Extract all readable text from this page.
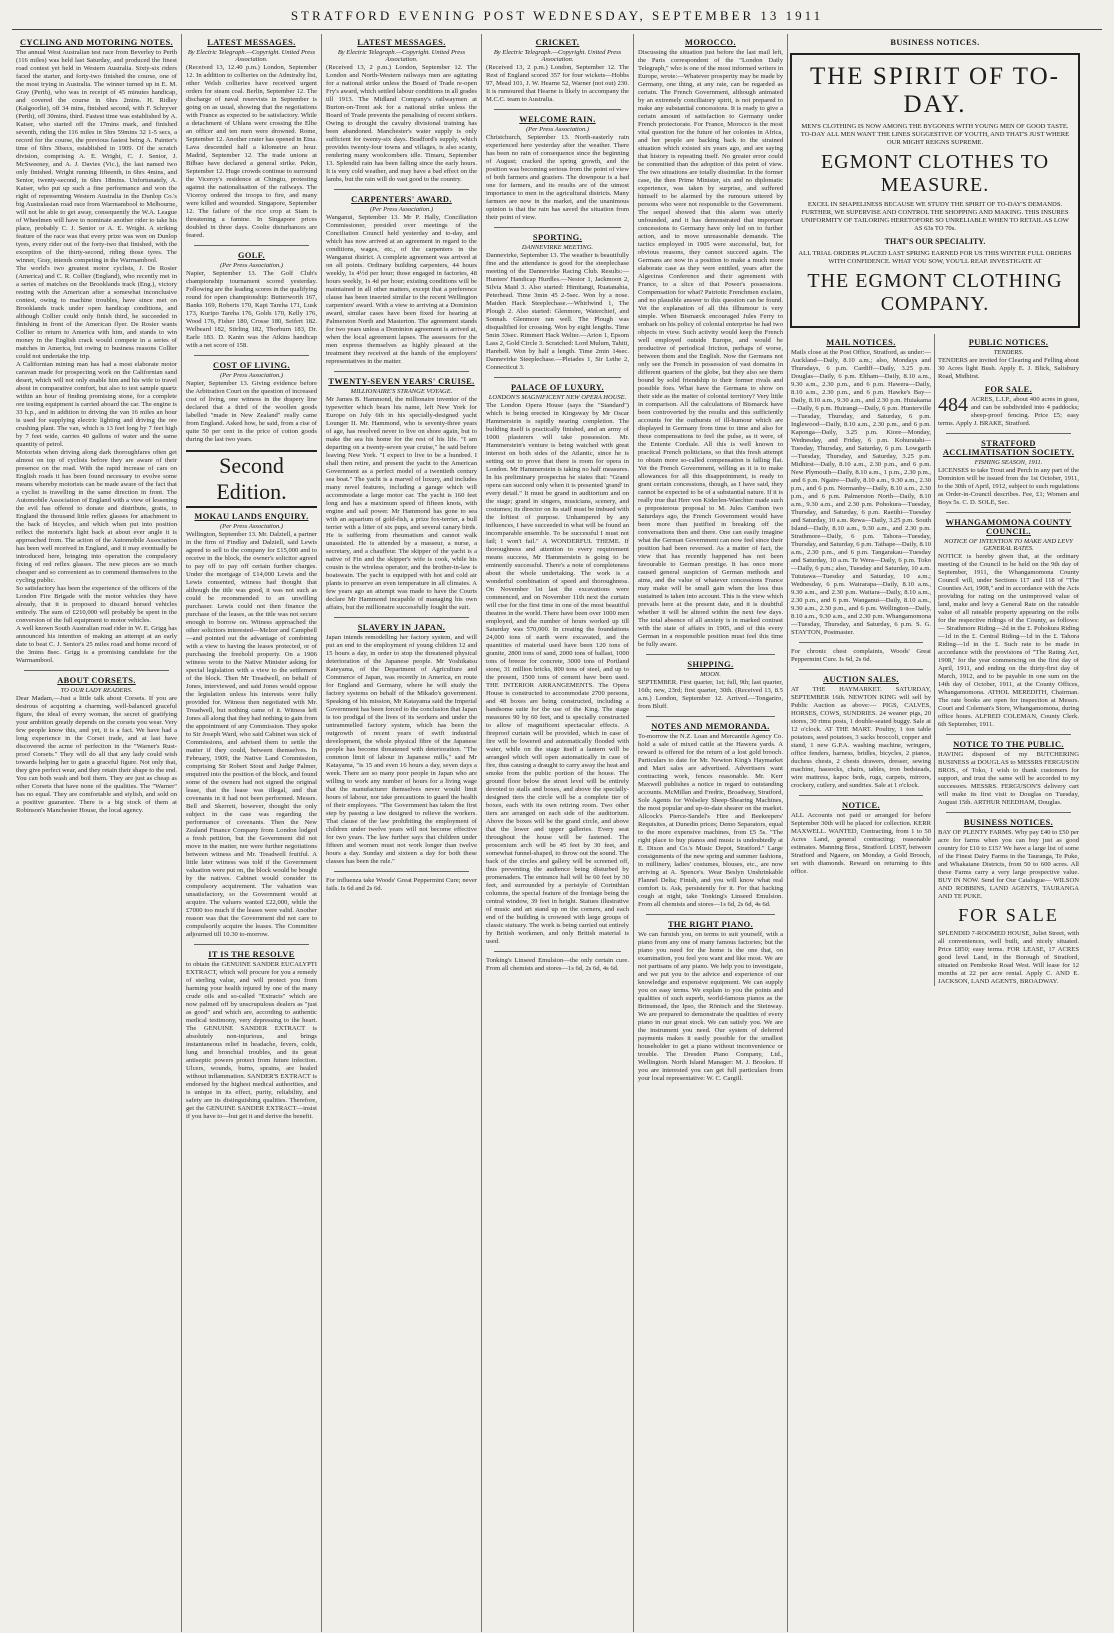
STRATFORD EVENING POST WEDNESDAY, SEPTEMBER 13 1911
CYCLING AND MOTORING NOTES.

The annual West Australian test race from Beverley to Perth (116 miles) was held last Saturday, and produced the finest road contest yet held in Western Australia. Sixty-six riders faced the starter, and forty-two finished the course, one of the most trying in Australia. The winner turned up in E. M. Gray (Perth), who was in receipt of 45 minutes handicap, and covered the course in 6hrs 2mins. H. Ridley (Kalgoorlie), off 34 mins, finished second, with F. Schryver (Perth), off 30mins, third. Fastest time was established by A. Kaiser, who started off the 17mins mark, and finished seventh, riding the 116 miles in 5hrs 59mins 32 1-5 secs, a record for the course, the previous fastest being A. Painter's time of 6hrs 30secs, established in 1909. Of the scratch division, comprising A. E. Wright, C. J. Senior, J. McSweeney, and A. J. Davies (Vic.), the last named two only finished. Wright running fifteenth, in 6hrs 4mins, and Senior, twenty-second, in 6hrs 18mins. Unfortunately, A. Kaiser, who put up such a fine performance and won the right of representing Western Australia in the Dunlop Co.'s big Australasian road race from Warrnambool to Melbourne, will not be able to get away, consequently the W.A. League of Wheelmen will have to nominate another rider to take his place, probably C. J. Senior or A. E. Wright. A striking feature of the race was that every prize was won on Dunlop tyres, every rider out of the forty-two that finished, with the exception of the thirty-second, riding those tyres. The winner, Gray, intends competing in the Warrnambool.

The world's two greatest motor cyclists, J. De Rosier (America) and C. R. Collier (England), who recently met in a series of matches on the Brooklands track (Eng.), victory resting with the American after a somewhat inconclusive contest, owing to machine troubles, have since met on Brooklands track under open handicap conditions, and although Collier could only finish third, he succeeded in finishing in front of the American flyer. De Rosier wants Collier to return to America with him, and stands to win money in the English crack would compete in a series of matches in America, but owing to business reasons Collier could not undertake the trip.

A Californian mining man has had a most elaborate motor caravan made for prospecting work on the Californian sand desert, which will not only enable him and his wife to travel about in comparative comfort, but also to test sample quartz within an hour of finding promising stone, for a complete ore testing equipment is carried aboard the car. The engine is 33 h.p., and in addition to driving the van 16 miles an hour is used for supplying electric lighting and driving the ore crushing plant. The van, which is 13 feet long by 7 feet high by 7 feet wide, carries 40 gallons of water and the same quantity of petrol.

Motorists when driving along dark thoroughfares often get almost on top of cyclists before they are aware of their presence on the road. With the rapid increase of cars on English roads it has been found necessary to evolve some means whereby motorists can be made aware of the fact that a cyclist is travelling in the same direction in front. The Automobile Association of England with a view of lessening the evil has offered to donate and distribute, gratis, to England the thousand little reflex glasses for attachment to the back of bicycles, and which when put into position reflect the motorist's light back at about ever angle it is approached from. The action of the Automobile Association has been well received in England, and it may eventually be introduced here, bringing into operation the compulsory fixing of red reflex glasses. The new pieces are so much cheaper and so convenient as to commend themselves to the cycling public.

So satisfactory has been the experience of the officers of the London Fire Brigade with the motor vehicles they have already, that it is proposed to discard horsed vehicles entirely. The sum of £210,000 will probably be spent in the conversion of the full equipment to motor vehicles.

A well known South Australian road rider in W. E. Grigg has announced his intention of making an attempt at an early date to beat C. J. Senior's 25 miles road and home record of the 3mins 8sec. Grigg is a promising candidate for the Warrnambool.

ABOUT CORSETS.
TO OUR LADY READERS.

Dear Madam,—Just a little talk about Corsets. If you are desirous of acquiring a charming, well-balanced graceful figure, the ideal of every woman, the secret of gratifying your ambition greatly depends on the corsets you wear. Very few people know this, and yet, it is a fact. We have had a long experience in the Corset trade, and at last have discovered the acme of perfection in the "Warner's Rust-proof Corsets." They will do all that any lady could wish towards helping her to gain a graceful figure. Not only that, they give perfect wear, and they retain their shape to the end. You can both wash and boil them. They are just as cheap as other Corsets that have none of the qualities. The "Warner" has no equal. They are comfortable and stylish, and sold on a positive guarantee. There is a big stock of them at Robinson's Manchester House, the local agency.

LATEST MESSAGES.
By Electric Telegraph.—Copyright. United Press Association.

(Received 13, 12.40 p.m.) London, September 12. In addition to collieries on the Admiralty list, other Welsh collieries have received urgent orders for steam coal. Berlin, September 12. The discharge of naval reservists in September is going on as usual, showing that the negotiations with France as expected to be satisfactory. While a detachment of Uhlans were crossing the Elbe an officer and ten men were drowned. Rome, September 12. Another crater has opened in Etna. Lava descended half a kilometre an hour. Madrid, September 12. The trade unions at Bilbao have declared a general strike. Pekin, September 12. Huge crowds continue to surround the Viceroy's residence at Chingtu, protesting against the nationalisation of the railways. The Viceroy ordered the troops to fire, and many were killed and wounded. Singapore, September 12. The failure of the rice crop at Siam is threatening a famine. In Singapore prices doubled in three days. Coolie disturbances are feared.

GOLF.
(Per Press Association.)

Napier, September 13. The Golf Club's championship tournament scored yesterday. Following are the leading scores in the qualifying round for open championship: Butterworth 167, Banks 169, Roberts 170, Kapi Tareha 171, Lusk 173, Kuripo Tareha 176, Golds 170, Kelly 176, Wood 176, Fisher 180, Crosse 180, Seifert 182. Welbeard 182, Stirling 182, Thorburn 183, Dr. Earle 183. D. Kanin was the Atkins handicap with a net score of 158.

COST OF LIVING.
(Per Press Association.)

Napier, September 13. Giving evidence before the Arbitration Court on the question of increased cost of living, one witness in the drapery line declared that a third of the woollen goods labelled "made in New Zealand" really came from England. Asked how, he said, from a rise of quite 50 per cent in the price of cotton goods during the last two years.

Second Edition.
MOKAU LANDS ENQUIRY.
(Per Press Association.)

Wellington, September 13. Mr. Dalziell, a partner in the firm of Findlay and Dalziell, said Lewis agreed to sell to the company for £15,000 and to receive in the block, the owner's solicitor agreed to pay off to pay off certain further charges. Under the mortgage of £14,000 Lewis and the Lewis consented, witness had thought that although the title was good, it was not such as could be recommended to an unwilling purchaser. Lewis could not then finance the purchase of the leases, as the title was not secure enough to borrow on. Witness approached the other solicitors interested—Melzer and Campbell—and pointed out the advantage of combining with a view to having the leases protected, or of purchasing the freehold property. On a 1906 witness wrote to the Native Minister asking for special legislation with a view to the settlement of the block. Then Mr Treadwell, on behalf of Jones, interviewed, and said Jones would oppose the legislation unless his interests were fully provided for. Witness then negotiated with Mr. Treadwell, but nothing came of it. Witness left Jones all along that they had nothing to gain from the appointment of any Commission. They spoke to Sir Joseph Ward, who said Cabinet was sick of Commissions, and advised them to settle the matter if they could, between themselves. In February, 1909, the Native Land Commission, comprising Sir Robert Stout and Judge Palmer, enquired into the position of the block, and found some of the owners had not signed the original lease, that the lease was illegal, and that covenants in it had not been performed. Messrs. Bell and Skerrett, however, thought the only subject in the case was regarding the performance of covenants. Then the New Zealand Finance Company from London lodged a fresh petition, but the Government did not move in the matter, nor were further negotiations between witness and Mr. Treadwell fruitful. A little later witness was told if the Government valuation were put on, the block would be bought by the natives. Cabinet would consider its compulsory acquirement. The valuation was unsatisfactory, so the Government would at acquire. The valuers wanted £22,000, while the £7000 too much if the leases were valid. Another reason was that the Government did not care to compulsorily acquire the leases. The Committee adjourned till 10.30 to-morrow.

IT IS THE RESOLVE

to obtain the GENUINE SANDER EUCALYPTI EXTRACT, which will procure for you a remedy of sterling value, and will protect you from harming your health injured by one of the many crude oils and so-called "Extracts" which are now palmed off by unscrupulous dealers as "just as good" and which are, according to authentic medical testimony, very depressing to the heart. The GENUINE SANDER EXTRACT is absolutely non-injurious, and brings instantaneous relief in headache, fevers, colds, lung and bronchial troubles, and its great antiseptic powers protect from future infection. Ulcers, wounds, burns, sprains, are healed without inflammation. SANDER'S EXTRACT is endorsed by the highest medical authorities, and is unique in its effect, purity, reliability, and safety are its distinguishing qualities. Therefore, get the GENUINE SANDER EXTRACT—insist if you have to—but get it and derive the benefit.

LATEST MESSAGES.
By Electric Telegraph.—Copyright. United Press Association.

(Received 13, 2 p.m.) London, September 12. The London and North-Western railways men are agitating for a national strike unless the Board of Trade re-open Fry's award, which settled labour conditions in all grades till 1913. The Midland Company's railwaymen at Burton-on-Trent ask for a national strike unless the Board of Trade prevents the penalising of recent strikers. Owing to drought the cavalry divisional training has been abandoned. Manchester's water supply is only sufficient for twenty-six days. Bradford's supply, which provides twenty-four towns and villages, is also scanty, rendering many woolcombers idle. Timaru, September 13. Splendid rain has been falling since the early hours. It is very cold weather, and may have a bad effect on the lambs, but the rain will do vast good to the country.

CARPENTERS' AWARD.
(Per Press Association.)

Wanganui, September 13. Mr P. Hally, Conciliation Commissioner, presided over meetings of the Conciliation Council held yesterday and to-day, and which has now arrived at an agreement in regard to the conditions, wages, etc., of the carpenters in the Wanganui district. A complete agreement was arrived at on all points. Ordinary building carpenters, 44 hours weekly, 1s 4½d per hour; those engaged in factories, 48 hours weekly, 1s 4d per hour; existing conditions will be maintained in all other matters, except that a preference clause has been inserted similar to the recent Wellington carpenters' award. With a view to arriving at a Dominion award, similar cases have been fixed for hearing at Palmerston North and Masterton. The agreement stands for two years unless a Dominion agreement is arrived at, when the local agreement lapses. The assessors for the men express themselves as highly pleased at the treatment they received at the hands of the employers' representatives in the matter.

TWENTY-SEVEN YEARS' CRUISE.
MILLIONAIRE'S STRANGE VOYAGE.

Mr James B. Hammond, the millionaire inventor of the typewriter which bears his name, left New York for Europe on July 6th in his specially-designed yacht Lounger II. Mr. Hammond, who is seventy-three years of age, has resolved never to live on shore again, but to make the sea his home for the rest of his life. "I am departing on a twenty-seven year cruise," he said before leaving New York. "I expect to live to be a hundred. I shall then retire, and present the yacht to the American Government as a perfect model of a twentieth century sea boat." The yacht is a marvel of luxury, and includes many novel features, including a garage which will accommodate a large motor car. The yacht is 160 feet long and has a maximum speed of fifteen knots, with engine and sail power. Mr Hammond has gone to sea with an aquarium of gold-fish, a prize fox-terrier, a bull terrier with a litter of six pups, and several canary birds. He is suffering from rheumatism and cannot walk unassisted. He is attended by a masseur, a nurse, a secretary, and a chauffeur. The skipper of the yacht is a native of Fin and the skipper's wife is cook, while his cousin is the wireless operator, and the brother-in-law is boatswain. The yacht is equipped with hot and cold air plants to preserve an even temperature in all climates. A few years ago an attempt was made to have the Courts declare Mr Hammond incapable of managing his own affairs, but the millionaire successfully fought the suit.

SLAVERY IN JAPAN.

Japan intends remodelling her factory system, and will put an end to the employment of young children 12 and 15 hours a day, in order to stop the threatened physical deterioration of the Japanese people. Mr Yoshikatsu Kateyama, of the Department of Agriculture and Commerce of Japan, was recently in America, en route for England and Germany, where he will study the factory systems on behalf of the Mikado's government. Speaking of his mission, Mr Katayama said the Imperial Government has been forced to the conclusion that Japan is too prodigal of the lives of its workers and under the untrammelled factory system, which has been the outgrowth of recent years of swift industrial development, the whole physical fibre of the Japanese people has become threatened with deterioration. "The common limit of labour in Japanese mills," said Mr Katayama, "is 15 and even 16 hours a day, seven days a week. There are so many poor people in Japan who are willing to work any number of hours for a living wage that the manufacturer themselves never would limit hours of labour, nor take precautions to guard the health of their employees. "The Government has taken the first step by passing a law designed to relieve the workers. That clause of the law prohibiting the employment of children under twelve years will not become effective for two years. The law further says that children under fifteen and women must not work longer than twelve hours a day. Sunday and sixteen a day for both these classes has been the rule."

For influenza take Woods' Great Peppermint Cure; never fails. Is 6d and 2s 6d.

CRICKET.
By Electric Telegraph.—Copyright. United Press Association.

(Received 13, 2 p.m.) London, September 12. The Rest of England scored 357 for four wickets—Hobbs 97, Mead 101, J. W. Hearne 52, Warner (not out) 230. It is rumoured that Hearne is likely to accompany the M.C.C. team to Australia.

WELCOME RAIN.
(Per Press Association.)

Christchurch, September 13. North-easterly rain experienced here yesterday after the weather. There has been no rain of consequence since the beginning of August; cracked the spring growth, and the position was becoming serious from the point of view of both farmers and graziers. The downpour is a bad one for farmers, and its results are of the utmost importance to men in the agricultural districts. Many farmers are now in the market, and the unanimous opinion is that the rain has saved the situation from their point of view.

SPORTING.
DANNEVIRKE MEETING.

Dannevirke, September 13. The weather is beautifully fine and the attendance is good for the steeplechase meeting of the Dannevirke Racing Club. Results:— Hunters' Handicap Hurdles.—Nestor 1, Jackmoon 2, Silvia Maid 3. Also started: Himitangi, Ruatanahia, Peterhead. Time 3min 45 2-5sec. Won by a nose. Maiden Hack Steeplechase.—Whirlwind 1, The Plough 2. Also started: Glenmore, Waterchief, and Sonnah. Glenmore ran well. The Plough was disqualified for crossing. Won by eight lengths. Time 5min 33sec. Rimmeri Hack Welter.—Arion 1, Epsom Lass 2, Gold Circle 3. Scratched: Lord Mulum, Tahiti, Harebell. Won by half a length. Time 2min 14sec. Dannevirke Steeplechase.—Pleiades 1, Sir Lethe 2, Connecticut 3.

PALACE OF LUXURY.
LONDON'S MAGNIFICENT NEW OPERA HOUSE.

The London Opera House (says the "Standard") which is being erected in Kingsway by Mr Oscar Hammerstein is rapidly nearing completion. The building itself is practically finished, and an army of 1000 plasterers will take possession. Mr. Hammerstein's venture is being watched with great interest on both sides of the Atlantic, since he is setting out to prove that there is room for opera in London. Mr Hammerstein is taking no half measures. In his preliminary prospectus he states that: "Grand opera can succeed only when it is presented 'grand' in every detail." It must be grand in auditorium and on the stage; grand in singers, musicians, scenery, and costumes; its director on its staff must be imbued with the loftiest of purpose. Unhampered by any influences, I have succeeded in what will be found an incomparable ensemble. To be successful I must not fail; I won't fail." A WONDERFUL THEME. If thoroughness and attention to every requirement means success, Mr Hammerstein is going to be eminently successful. There's a note of completeness about the whole undertaking. The work is a wonderful combination of speed and thoroughness. On November 1st last the excavations were commenced, and on November 11th next the curtain will rise for the first time in one of the most beautiful theatres in the world. There have been over 1000 men employed, and the number of hours worked up till Saturday was 570,000. In creating the foundations 24,000 tons of earth were excavated, and the quantities of material used have been 120 tons of granite, 2800 tons of sand, 2000 tons of ballast, 1000 tons of breeze for concrete, 3000 tons of Portland stone, 31 million bricks, 800 tons of steel, and up to the present, 1500 tons of cement have been used. THE INTERIOR ARRANGEMENTS. The Opera House is constructed to accommodate 2700 persons, and 48 boxes are being constructed, including a handsome suite for the use of the King. The stage measures 90 by 60 feet, and is specially constructed to allow of magnificent spectacular effects. A fireproof curtain will be provided, which in case of fire will be lowered and automatically flooded with water, while on the stage itself a lantern will be arranged which will open automatically in case of fire, thus causing a draught to carry away the heat and smoke from the public portion of the house. The ground floor below the street level will be entirely devoted to stalls and boxes, and above the specially-designed tiers the circle will be a complete tier of boxes, each with its own retiring room. Two other tiers are arranged on each side of the auditorium. Above the boxes will be the grand circle, and above that the lower and upper galleries. Every seat throughout the house will be fastened. The proscenium arch will be 45 feet by 30 feet, and somewhat funnel-shaped, to throw out the sound. The back of the circles and gallery will be screened off, thus preventing the audience being disturbed by promenaders. The entrance hall will be 60 feet by 30 feet, and surrounded by a peristyle of Corinthian columns, the special feature of the frontage being the central window, 39 feet in height. Statues illustrative of music and art stand up on the corners, and each end of the building is crowned with large groups of classic statuary. The work is being carried out entirely by British workmen, and only British material is used.

Tonking's Linseed Emulsion—the only certain cure. From all chemists and stores—1s 6d, 2s 6d, 4s 6d.

MOROCCO.

Discussing the situation just before the last mail left, the Paris correspondent of the "London Daily Telegraph," who is one of the most informed writers in Europe, wrote:—Whatever prosperity may be made by Germany, one thing, at any rate, can be regarded as certain. The French Government, although animated by an extremely conciliatory spirit, is not prepared to make any substantial concessions. It is ready to give a certain amount of satisfaction to Germany under French protectorate. For France, Morocco is the most vital question for the future of her colonies in Africa, and her people are backing back to the strained situation which existed six years ago, and are saying that history is repeating itself. No greater error could be committed than the adoption of this point of view. The two situations are totally dissimilar. In the former case, the then Prime Minister, six and no diplomatic experience, was taken by surprise, and suffered himself to be alarmed by the rumours uttered by persons who were not responsible to the Government. The sequel showed that this alarm was utterly unfounded, and it has demonstrated that important concessions to Germany have only led on to further action, and to move unreasonable demands. The tactics employed in 1905 were successful, but, for obvious reasons, they cannot succeed again. The Germans are now in a position to make a much more elaborate case as they were entitled, years after the Algeciras Conference and their agreement with France, to a slice of that Power's possessions. Compensation for what? Patriotic Frenchmen exclaim, and no plausible answer to this question can be found. Yet the explanation of all this illhumour is very simple. When Bismarck encouraged Jules Ferry to embark on his policy of colonial enterprise he had two objects in view. Such activity would keep the French well employed outside Europe, and would be productive of periodical friction, perhaps of worse, between them and the English. Now the Germans not only see the French in possession of vast domains in different quarters of the globe, but they also see them bound by solid friendship to their former rivals and possible foes. What have the Germans to show on their side as the matter of colonial territory? Very little in comparison. All the calculations of Bismarck have been controverted by the results and this sufficiently accounts for the outbursts of ill-humour which are displayed in Germany from time to time and also for these compensations to feel the pulse, as it were, of the Entente Cordiale. All this is well known to practical French politicians, so that this fresh attempt to obtain more so-called compensation is falling flat. Yet the French Government, willing as it is to make allowances for all this disappointment, is ready to grant certain concessions, though, as I have said, they cannot be expected to be of a substantial nature. If it is really true that Herr von Kiderlen-Waechter made such a preposterous proposal to M. Jules Cambon two Saturdays ago, the French Government would have been more than justified in breaking off the conversations then and there. One can easily imagine what the German Government can now feel since their position had been reversed. As a matter of fact, the view that has recently happened has not been favourable to German prestige. It has once more caused general suspicion of German methods and aims, and the value of whatever concessions France may make will be small gain when the loss thus sustained is taken into account. This is the view which prevails here at the present date, and it is doubtful whether it will be altered within the next few days. The total absence of all anxiety is in marked contrast with the state of affairs in 1905, and of this every German in a responsible position must feel this time be fully aware.

SHIPPING.
MOON.

SEPTEMBER. First quarter, 1st; full, 9th; last quarter, 16th; new, 23rd; first quarter, 30th. (Received 13, 8.5 a.m.) London, September 12. Arrived.—Tongariro, from Bluff.

NOTES AND MEMORANDA.

To-morrow the N.Z. Loan and Mercantile Agency Co. hold a sale of mixed cattle at the Hawera yards. A reward is offered for the return of a lost gold brooch. Particulars to date for Mr. Newton King's Haymarket and Mart sales are advertised. Advertisers want contracting work, fences reasonable. Mr. Kerr Maxwell publishes a notice in regard to outstanding accounts. McMillan and Fredric, Broadway, Stratford, Sole Agents for Wolseley Sheep-Shearing Machines, the most popular and up-to-date shearer on the market. Allcock's Pierce-Sandel's Hire and Beekeepers' Requisites, at Dunedin prices; Demo Separators, equal to the more expensive machines, from £5 5s. "The right place to buy pianos and music is undoubtedly at E. Dixon and Co.'s Music Depot, Stratford." Large consignments of the new spring and summer fashions, in millinery, ladies' costumes, blouses, etc., are now arriving at A. Spence's. Wear Beslyn Unshrinkable Flannel Delta; Finish, and you will know what real comfort is. Ask, persistently for it. For that hacking cough at night, take Tonking's Linseed Emulsion. From all chemists and stores—1s 6d, 2s 6d, 4s 6d.

THE RIGHT PIANO.

We can furnish you, on terms to suit yourself, with a piano from any one of many famous factories; but the piano you need for the home is the one that, on examination, you feel you want and like most. We are not partisans of any piano. We help you to investigate, and we put you to the advice and experience of our knowledge and expensive equipment. We can supply you on easy terms. We explain to you the points and qualities of such superb, world-famous pianos as the Brinsmead, the Ipso, the Rönisch and the Steinway. We are prepared to demonstrate the qualities of every piano in our great stock. We can satisfy you. We are the instrument you need. Our system of deferred payments makes it easily possible for the smallest householder to get a piano without inconvenience or trouble. The Dresden Piano Company, Ltd., Wellington. North Island Manager: M. J. Brookes. If you are interested you can get full particulars from your local representative: W. C. Cargill.

BUSINESS NOTICES.
THE SPIRIT OF TO-DAY.
MEN'S CLOTHING IS NOW AMONG THE BYGONES WITH YOUNG MEN OF GOOD TASTE. TO-DAY ALL MEN WANT THE LINES SUGGESTIVE OF YOUTH, AND THAT'S JUST WHERE OUR MIGHT REIGNS SUPREME.
EGMONT CLOTHES TO MEASURE.
EXCEL IN SHAPELINESS BECAUSE WE STUDY THE SPIRIT OF TO-DAY'S DEMANDS. FURTHER, WE SUPERVISE AND CONTROL THE SHOPPING AND MAKING. THIS INSURES UNIFORMITY OF TAILORING HERETOFORE SO UNRELIABLE WHEN TO RETAIL AS LOW AS 63s TO 70s.
THAT'S OUR SPECIALITY.
ALL TRIAL ORDERS PLACED LAST SPRING EARNED FOR US THIS WINTER FULL ORDERS WITH CONFIDENCE. WHAT YOU SOW, YOU'LL REAP. INVESTIGATE AT
THE EGMONT CLOTHING COMPANY.
MAIL NOTICES.

Mails close at the Post Office, Stratford, as under:— Auckland—Daily, 8.10 a.m.; also, Mondays and Thursdays, 6 p.m. Cardiff—Daily, 3.25 p.m. Douglas—Daily, 6 p.m. Eltham—Daily, 8.10 a.m., 9.30 a.m., 2.30 p.m., and 6 p.m. Hawera—Daily, 8.10 a.m., 2.30 p.m., and 6 p.m. Hawke's Bay—Daily, 8.10 a.m., 9.30 a.m., and 2.30 p.m. Huiakama—Daily, 6 p.m. Huirangi—Daily, 6 p.m. Hunterville—Tuesday, Thursday, and Saturday, 6 p.m. Inglewood—Daily, 8.10 a.m., 2.30 p.m., and 6 p.m. Kaponga—Daily, 3.25 p.m. Kiore—Monday, Wednesday, and Friday, 6 p.m. Kohuratahi—Tuesday, Thursday, and Saturday, 6 p.m. Lowgarth—Tuesday, Thursday, and Saturday, 3.25 p.m. Midhirst—Daily, 8.10 a.m., 2.30 p.m., and 6 p.m. New Plymouth—Daily, 8.10 a.m., 1 p.m., 2.30 p.m., and 6 p.m. Ngaire—Daily, 8.10 a.m., 9.30 a.m., 2.30 p.m., and 6 p.m. Normanby—Daily, 8.10 a.m., 2.30 p.m., and 6 p.m. Palmerston North—Daily, 8.10 a.m., 9.30 a.m., and 2.30 p.m. Pohokura—Tuesday, Thursday, and Saturday, 6 p.m. Raetihi—Tuesday and Saturday, 10 a.m. Rewa—Daily, 3.25 p.m. South Island—Daily, 8.10 a.m., 9.30 a.m., and 2.30 p.m. Strathmore—Daily, 6 p.m. Tahora—Tuesday, Thursday, and Saturday, 6 p.m. Taihape—Daily, 8.10 a.m., 2.30 p.m., and 6 p.m. Tangarakau—Tuesday and Saturday, 10 a.m. Te Wera—Daily, 6 p.m. Toko—Daily, 6 p.m.; also, Tuesday and Saturday, 10 a.m. Tututawa—Tuesday and Saturday, 10 a.m.; Wednesday, 6 p.m. Wairarapa—Daily, 8.10 a.m., 9.30 a.m., and 2.30 p.m. Waitara—Daily, 8.10 a.m., 2.30 p.m., and 6 p.m. Wanganui—Daily, 8.10 a.m., 9.30 a.m., 2.30 p.m., and 6 p.m. Wellington—Daily, 8.10 a.m., 9.30 a.m., and 2.30 p.m. Whangamomona—Tuesday, Thursday, and Saturday, 6 p.m. S. G. STAYTON, Postmaster.

For chronic chest complaints, Woods' Great Peppermint Cure. Is 6d, 2s 6d.

AUCTION SALES.

AT THE HAYMARKET. SATURDAY, SEPTEMBER 16th. NEWTON KING will sell by Public Auction as above:— PIGS, CALVES, HORSES, COWS, SUNDRIES. 24 weaner pigs, 20 stores, 30 rimu posts, 1 double-seated buggy. Sale at 12 o'clock. AT THE MART. Poultry, 1 ton table potatoes, seed potatoes, 3 sacks broccoli, copper and stand, 1 new G.P.A. washing machine, wringers, office fenders, harness, bridles, bicycles, 2 pianos, duchess chests, 2 chests drawers, dresser, sewing machine, hassocks, chairs, tables, iron bedsteads, wire mattress, kapoc beds, rugs, carpets, mirrors, crockery, cutlery, and sundries. Sale at 1 o'clock.

NOTICE.

ALL Accounts not paid or arranged for before September 30th will be placed for collection. KERR MAXWELL. WANTED, Contracting, from 1 to 50 Acres Land, general contracting; reasonable estimates. Manning Bros., Stratford. LOST, between Stratford and Ngaere, on Monday, a Gold Brooch, set with diamonds. Reward on returning to this office.

PUBLIC NOTICES.
TENDERS.

TENDERS are invited for Clearing and Felling about 30 Acres light Bush. Apply E. J. Blick, Salisbury Road, Midhirst.

FOR SALE.

484 ACRES, L.I.P., about 400 acres in grass, and can be subdivided into 4 paddocks; sheep-proof fencing. Price £5; easy terms. Apply J. BRAKE, Stratford.

STRATFORD ACCLIMATISATION SOCIETY.
FISHING SEASON, 1911.

LICENSES to take Trout and Perch in any part of the Dominion will be issued from the 1st October, 1911, to the 30th of April, 1912, subject to such regulations as Order-in-Council describes. Fee, £1; Women and Boys 5s. C. D. SOLE, Sec.

WHANGAMOMONA COUNTY COUNCIL.
NOTICE OF INTENTION TO MAKE AND LEVY GENERAL RATES.

NOTICE is hereby given that, at the ordinary meeting of the Council to be held on the 9th day of September, 1911, the Whangamomona County Council will, under Sections 117 and 118 of "The Counties Act, 1908," and in accordance with the Acts providing for rating on the unimproved value of land, make and levy a General Rate on the rateable value of all rateable property appearing on the rolls for the respective ridings of the County, as follows:— Strathmore Riding—2d in the £. Pohokura Riding—1d in the £. Central Riding—1d in the £. Tahora Riding—1d in the £. Such rate to be made in accordance with the provisions of "The Rating Act, 1908," for the year commencing on the first day of April, 1911, and ending on the thirty-first day of March, 1912, and to be payable in one sum on the 14th day of October, 1911, at the County Offices, Whangamomona. ATHOL MEREDITH, Chairman. The rate books are open for inspection at Messrs. Court and Coleman's Store, Whangamomona, during office hours. ALFRED COLEMAN, County Clerk. 6th September, 1911.

NOTICE TO THE PUBLIC.

HAVING disposed of my BUTCHERING BUSINESS at DOUGLAS to MESSRS FERGUSON BROS., of Toko, I wish to thank customers for support, and trust the same will be accorded to my successors. MESSRS. FERGUSON'S delivery cart will make its first visit to Douglas on Tuesday, August 15th. ARTHUR NEEDHAM, Douglas.

BUSINESS NOTICES.

BAY OF PLENTY FARMS. Why pay £40 to £50 per acre for farms when you can buy just as good country for £10 to £15? We have a large list of some of the Finest Dairy Farms in the Tauranga, Te Puke, and Whakatane Districts, from 50 to 600 acres. All these Farms carry a very large prospective value. BUY IN NOW. Send for Our Catalogue— WILSON AND ROBBINS, LAND AGENTS, TAURANGA AND TE PUKE.

FOR SALE

SPLENDID 7-ROOMED HOUSE, Juliet Street, with all conveniences, well built, and nicely situated. Price £850; easy terms. FOR LEASE, 17 ACRES good level Land, in the Borough of Stratford, situated on Pembroke Road West. Will lease for 12 months at 22 per acre rental. Apply C. AND E. JACKSON, LAND AGENTS, BROADWAY.
